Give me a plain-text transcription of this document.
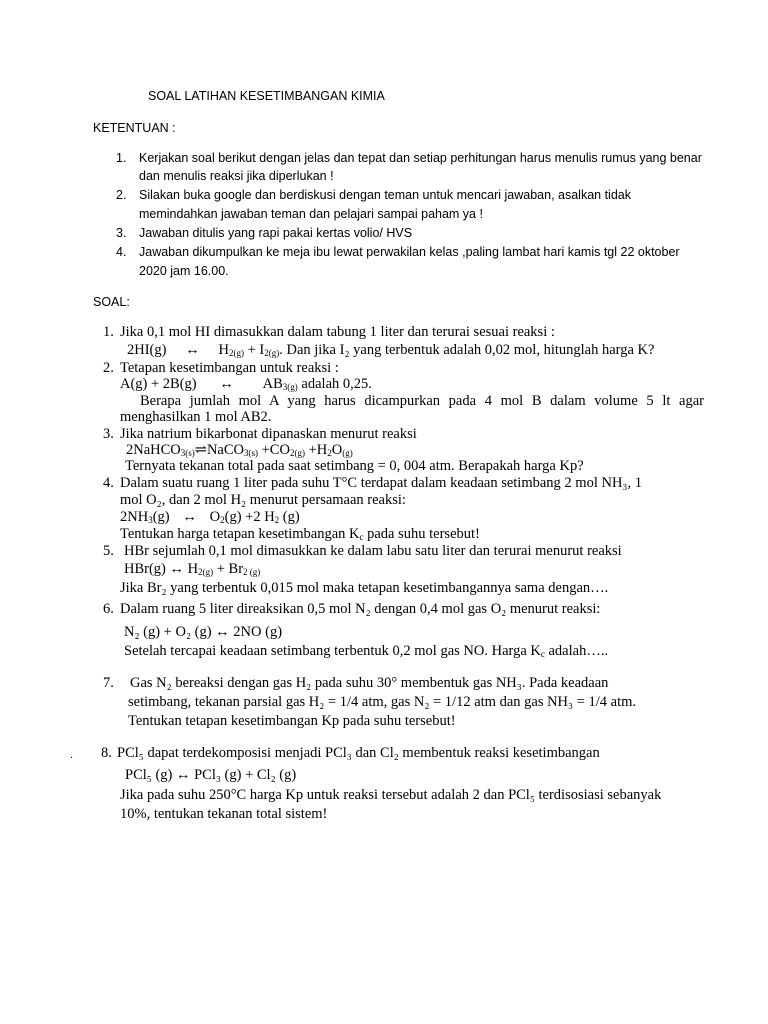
SOAL LATIHAN KESETIMBANGAN KIMIA
KETENTUAN :
1. Kerjakan soal berikut dengan jelas dan tepat dan setiap perhitungan harus menulis rumus yang benar
dan menulis reaksi jika diperlukan !
2. Silakan buka google dan berdiskusi dengan teman untuk mencari jawaban, asalkan tidak
memindahkan jawaban teman dan pelajari sampai paham ya !
3. Jawaban ditulis yang rapi pakai kertas volio/ HVS
4. Jawaban dikumpulkan ke meja ibu lewat perwakilan kelas ,paling lambat hari kamis tgl 22 oktober
2020 jam 16.00.
SOAL:
1. Jika 0,1 mol HI dimasukkan dalam tabung 1 liter dan terurai sesuai reaksi :
2HI(g) ↔ $H_{2(g)} + I_{2(g)}$. Dan jika I₂ yang terbentuk adalah 0,02 mol, hitunglah harga K?
2. Tetapan kesetimbangan untuk reaksi :
A(g) + 2B(g) ↔ $AB_{3(g)}$ adalah 0,25.
Berapa jumlah mol A yang harus dicampurkan pada 4 mol B dalam volume 5 lt agar
menghasilkan 1 mol AB2.
3. Jika natrium bikarbonat dipanaskan menurut reaksi
2NaHCO$_{3(s)}$⇌NaCO$_{3(s)}$ $+CO_{2(g)} +H_2O_{(g)}$
Ternyata tekanan total pada saat setimbang = 0, 004 atm. Berapakah harga Kp?
4. Dalam suatu ruang 1 liter pada suhu T°C terdapat dalam keadaan setimbang 2 mol NH₃, 1
mol O₂, dan 2 mol H₂ menurut persamaan reaksi:
$2NH_3(g)$ ↔ $O_2(g) +2$ $H_2$ (g)
Tentukan harga tetapan kesetimbangan $K_c$ pada suhu tersebut!
5. HBr sejumlah 0,1 mol dimasukkan ke dalam labu satu liter dan terurai menurut reaksi
HBr(g) ↔ $H_{2(g)} + Br_{2 (g)}$
Jika Br₂ yang terbentuk 0,015 mol maka tetapan kesetimbangannya sama dengan….
6. Dalam ruang 5 liter direaksikan 0,5 mol N₂ dengan 0,4 mol gas O₂ menurut reaksi:
N₂ (g) + O₂ (g) ↔ 2NO (g)
Setelah tercapai keadaan setimbang terbentuk 0,2 mol gas NO. Harga $K_c$ adalah…..
7. Gas N₂ bereaksi dengan gas H₂ pada suhu 30° membentuk gas NH₃. Pada keadaan
setimbang, tekanan parsial gas H₂ = 1/4 atm, gas N₂ = 1/12 atm dan gas NH₃ = 1/4 atm.
Tentukan tetapan kesetimbangan Kp pada suhu tersebut!
. 8. PCl₅ dapat terdekomposisi menjadi PCl₃ dan Cl₂ membentuk reaksi kesetimbangan
PCl₅ (g) ↔ PCl₃ (g) + Cl₂ (g)
Jika pada suhu 250°C harga Kp untuk reaksi tersebut adalah 2 dan PCl₅ terdisosiasi sebanyak
10%, tentukan tekanan total sistem!
